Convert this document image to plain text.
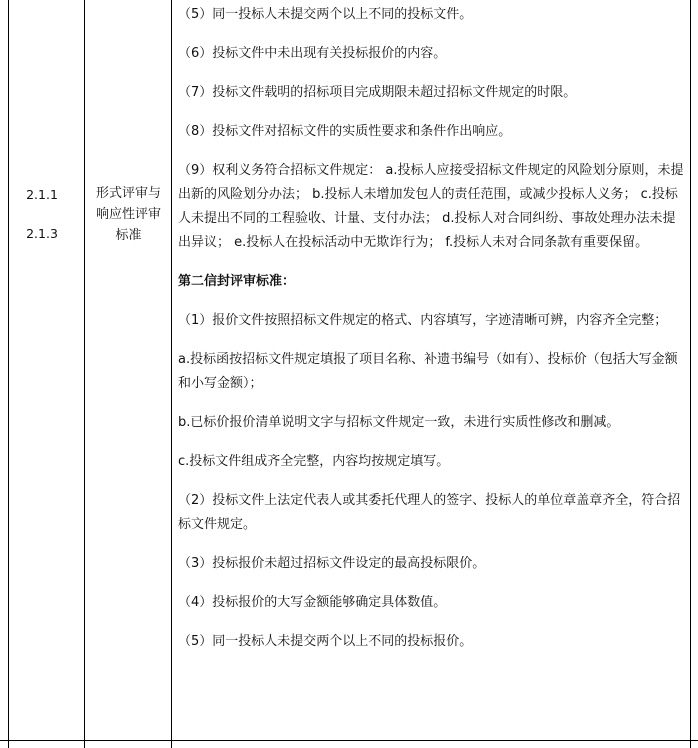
2.1.1
2.1.3
形式评审与
响应性评审
标准

（5）同一投标人未提交两个以上不同的投标文件。

（6）投标文件中未出现有关投标报价的内容。

（7）投标文件载明的招标项目完成期限未超过招标文件规定的时限。

（8）投标文件对招标文件的实质性要求和条件作出响应。

（9）权利义务符合招标文件规定： a.投标人应接受招标文件规定的风险划分原则，未提出新的风险划分办法； b.投标人未增加发包人的责任范围，或减少投标人义务； c.投标人未提出不同的工程验收、计量、支付办法； d.投标人对合同纠纷、事故处理办法未提出异议； e.投标人在投标活动中无欺诈行为； f.投标人未对合同条款有重要保留。

第二信封评审标准：

（1）报价文件按照招标文件规定的格式、内容填写，字迹清晰可辨，内容齐全完整；

a.投标函按招标文件规定填报了项目名称、补遗书编号（如有）、投标价（包括大写金额和小写金额）；

b.已标价报价清单说明文字与招标文件规定一致，未进行实质性修改和删减。

c.投标文件组成齐全完整，内容均按规定填写。

（2）投标文件上法定代表人或其委托代理人的签字、投标人的单位章盖章齐全，符合招标文件规定。

（3）投标报价未超过招标文件设定的最高投标限价。

（4）投标报价的大写金额能够确定具体数值。

（5）同一投标人未提交两个以上不同的投标报价。
